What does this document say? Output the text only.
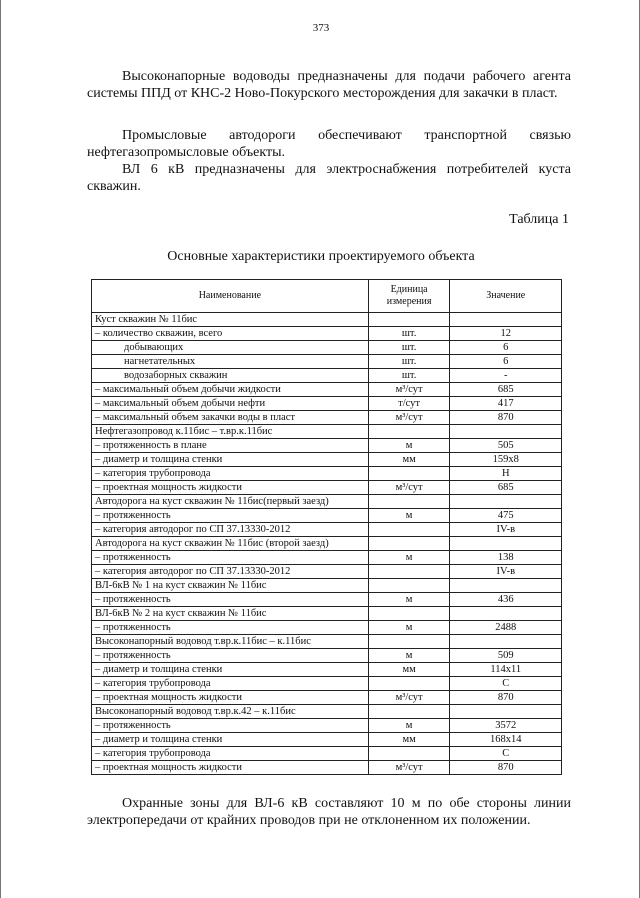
373

Высоконапорные водоводы предназначены для подачи рабочего агента системы ППД от КНС-2 Ново-Покурского месторождения для закачки в пласт.

Промысловые автодороги обеспечивают транспортной связью нефтегазопромысловые объекты.

ВЛ 6 кВ предназначены для электроснабжения потребителей куста скважин.

Таблица 1
Основные характеристики проектируемого объекта
Наименование	Единица измерения	Значение
Куст скважин № 11бис		
– количество скважин, всего	шт.	12
добывающих	шт.	6
нагнетательных	шт.	6
водозаборных скважин	шт.	-
– максимальный объем добычи жидкости	м³/сут	685
– максимальный объем добычи нефти	т/сут	417
– максимальный объем закачки воды в пласт	м³/сут	870
Нефтегазопровод к.11бис – т.вр.к.11бис		
– протяженность в плане	м	505
– диаметр и толщина стенки	мм	159x8
– категория трубопровода		Н
– проектная мощность жидкости	м³/сут	685
Автодорога на куст скважин № 11бис(первый заезд)		
– протяженность	м	475
– категория автодорог по СП 37.13330-2012		IV-в
Автодорога на куст скважин № 11бис (второй заезд)		
– протяженность	м	138
– категория автодорог по СП 37.13330-2012		IV-в
ВЛ-6кВ № 1 на куст скважин № 11бис		
– протяженность	м	436
ВЛ-6кВ № 2 на куст скважин № 11бис		
– протяженность	м	2488
Высоконапорный водовод т.вр.к.11бис – к.11бис		
– протяженность	м	509
– диаметр и толщина стенки	мм	114x11
– категория трубопровода		С
– проектная мощность жидкости	м³/сут	870
Высоконапорный водовод т.вр.к.42 – к.11бис		
– протяженность	м	3572
– диаметр и толщина стенки	мм	168x14
– категория трубопровода		С
– проектная мощность жидкости	м³/сут	870

Охранные зоны для ВЛ-6 кВ составляют 10 м по обе стороны линии электропередачи от крайних проводов при не отклоненном их положении.
